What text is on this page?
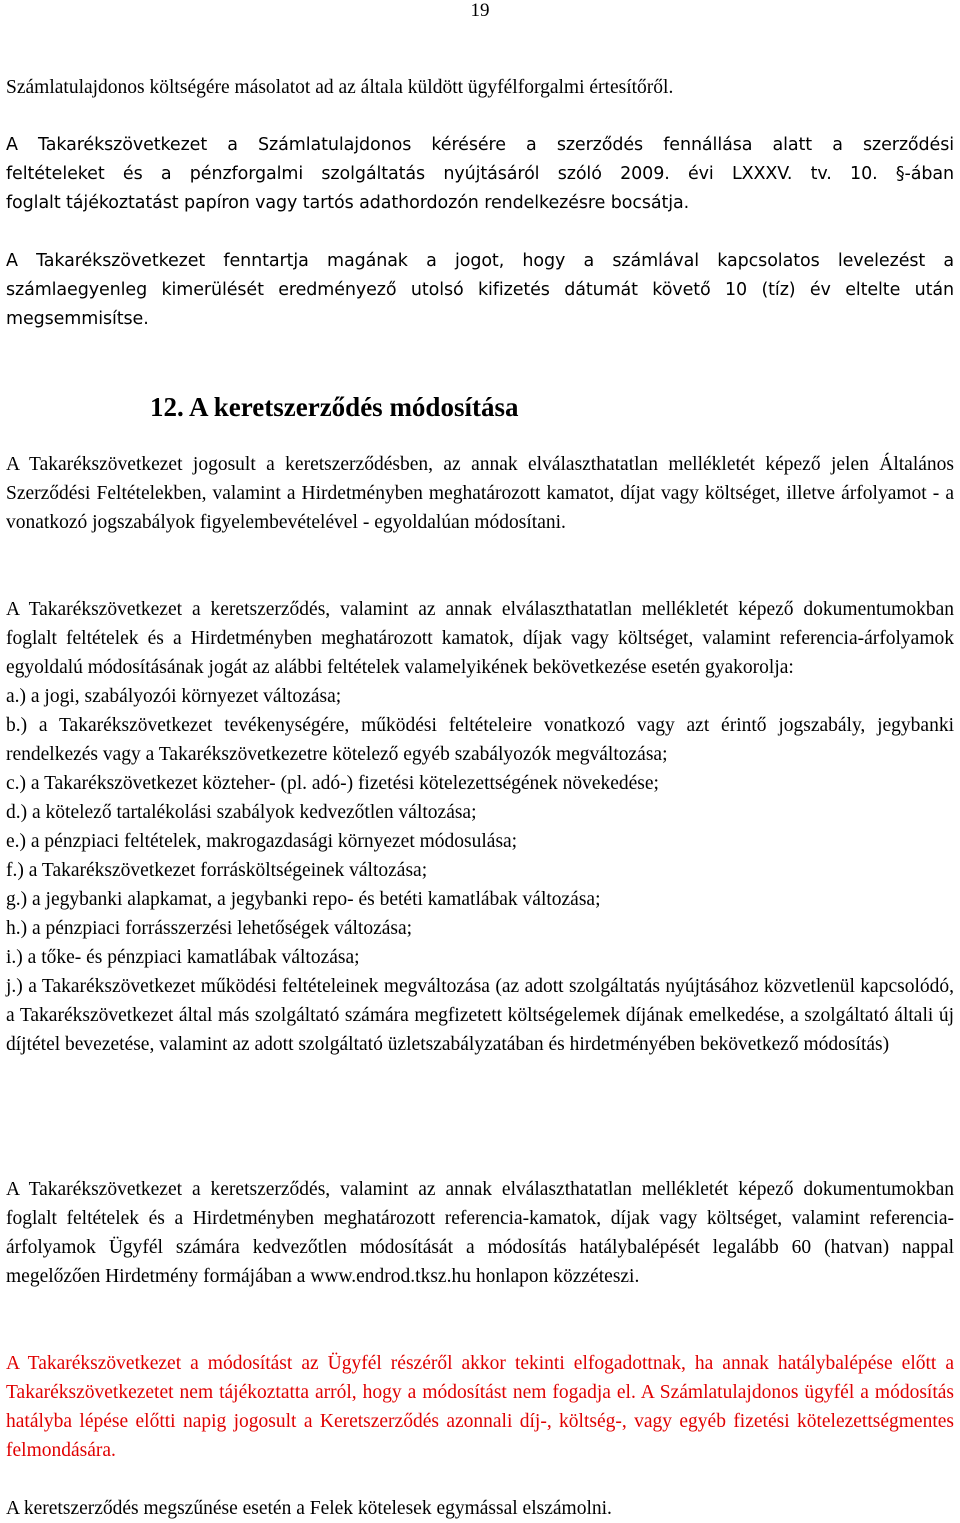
19

Számlatulajdonos költségére másolatot ad az általa küldött ügyfélforgalmi értesítőről.

A Takarékszövetkezet a Számlatulajdonos kérésére a szerződés fennállása alatt a szerződési
feltételeket és a pénzforgalmi szolgáltatás nyújtásáról szóló 2009. évi LXXXV. tv. 10. §-ában
foglalt tájékoztatást papíron vagy tartós adathordozón rendelkezésre bocsátja.

A Takarékszövetkezet fenntartja magának a jogot, hogy a számlával kapcsolatos levelezést a számlaegyenleg kimerülését eredményező utolsó kifizetés dátumát követő 10 (tíz) év eltelte után megsemmisítse.

12. A keretszerződés módosítása

A Takarékszövetkezet jogosult a keretszerződésben, az annak elválaszthatatlan mellékletét képező jelen Általános Szerződési Feltételekben, valamint a Hirdetményben meghatározott kamatot, díjat vagy költséget, illetve árfolyamot - a vonatkozó jogszabályok figyelembevételével - egyoldalúan módosítani.

A Takarékszövetkezet a keretszerződés, valamint az annak elválaszthatatlan mellékletét képező dokumentumokban foglalt feltételek és a Hirdetményben meghatározott kamatok, díjak vagy költséget, valamint referencia-árfolyamok egyoldalú módosításának jogát az alábbi feltételek valamelyikének bekövetkezése esetén gyakorolja:

a.) a jogi, szabályozói környezet változása;
b.) a Takarékszövetkezet tevékenységére, működési feltételeire vonatkozó vagy azt érintő jogszabály, jegybanki rendelkezés vagy a Takarékszövetkezetre kötelező egyéb szabályozók megváltozása;
c.) a Takarékszövetkezet közteher- (pl. adó-) fizetési kötelezettségének növekedése;
d.) a kötelező tartalékolási szabályok kedvezőtlen változása;
e.) a pénzpiaci feltételek, makrogazdasági környezet módosulása;
f.) a Takarékszövetkezet forrásköltségeinek változása;
g.) a jegybanki alapkamat, a jegybanki repo- és betéti kamatlábak változása;
h.) a pénzpiaci forrásszerzési lehetőségek változása;
i.) a tőke- és pénzpiaci kamatlábak változása;
j.) a Takarékszövetkezet működési feltételeinek megváltozása (az adott szolgáltatás nyújtásához közvetlenül kapcsolódó, a Takarékszövetkezet által más szolgáltató számára megfizetett költségelemek díjának emelkedése, a szolgáltató általi új díjtétel bevezetése, valamint az adott szolgáltató üzletszabályzatában és hirdetményében bekövetkező módosítás)

A Takarékszövetkezet a keretszerződés, valamint az annak elválaszthatatlan mellékletét képező dokumentumokban foglalt feltételek és a Hirdetményben meghatározott referencia-kamatok, díjak vagy költséget, valamint referencia-árfolyamok Ügyfél számára kedvezőtlen módosítását a módosítás hatálybalépését legalább 60 (hatvan) nappal megelőzően Hirdetmény formájában a www.endrod.tksz.hu honlapon közzéteszi.

A Takarékszövetkezet a módosítást az Ügyfél részéről akkor tekinti elfogadottnak, ha annak hatálybalépése előtt a Takarékszövetkezetet nem tájékoztatta arról, hogy a módosítást nem fogadja el. A Számlatulajdonos ügyfél a módosítás hatályba lépése előtti napig jogosult a Keretszerződés azonnali díj-, költség-, vagy egyéb fizetési kötelezettségmentes felmondására.

A keretszerződés megszűnése esetén a Felek kötelesek egymással elszámolni.
